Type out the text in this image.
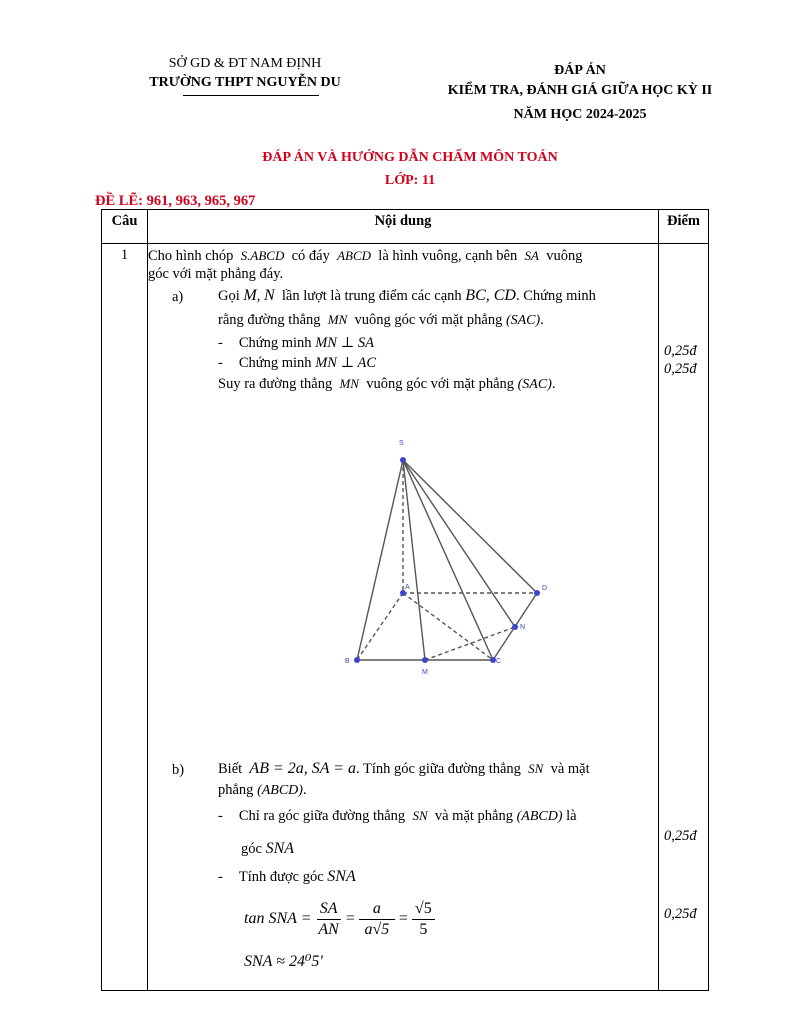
SỞ GD & ĐT NAM ĐỊNH
TRƯỜNG THPT NGUYỄN DU
ĐÁP ÁN
KIỂM TRA, ĐÁNH GIÁ GIỮA HỌC KỲ II
NĂM HỌC 2024-2025
ĐÁP ÁN VÀ HƯỚNG DẪN CHẤM MÔN TOÁN
LỚP: 11
ĐỀ LẼ: 961, 963, 965, 967
Câu	Nội dung	Điểm
1	Cho hình chóp S.ABCD có đáy ABCD là hình vuông, cạnh bên SA vuông
góc với mặt phẳng đáy.
a) Gọi M, N lần lượt là trung điểm các cạnh BC, CD. Chứng minh
rằng đường thẳng MN vuông góc với mặt phẳng (SAC).
- Chứng minh MN ⊥ SA
- Chứng minh MN ⊥ AC
Suy ra đường thẳng MN vuông góc với mặt phẳng (SAC).
0,25đ
0,25đ
S
A
B	C
D
M
N
b) Biết AB = 2a, SA = a. Tính góc giữa đường thẳng SN và mặt
phẳng (ABCD).
- Chỉ ra góc giữa đường thẳng SN và mặt phẳng (ABCD) là
góc SNA
- Tính được góc SNA
tan SNA = $\frac{SA}{AN} = \frac{a}{a√5} = \frac{√5}{5}$
SNA ≈ 24⁰5'
0,25đ
0,25đ
